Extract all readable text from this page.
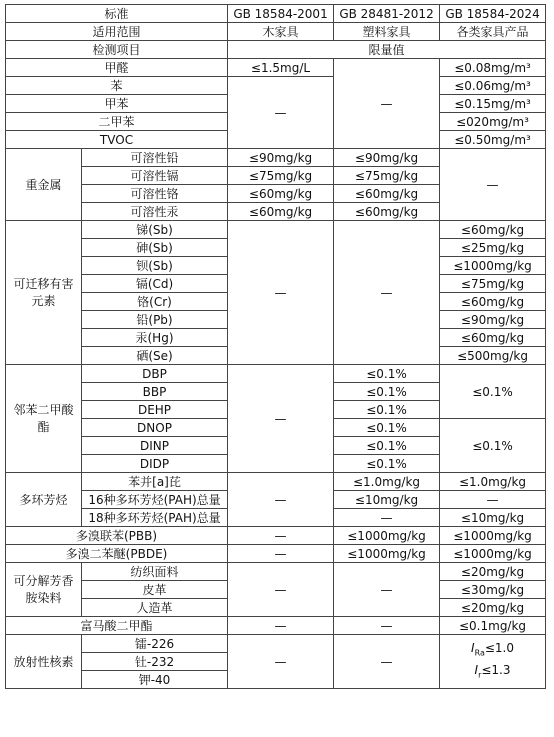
标准		GB 18584-2001	GB 28481-2012	GB 18584-2024
适用范围		木家具	塑料家具	各类家具产品
检测项目		限量值		
甲醛		≤1.5mg/L	—	≤0.08mg/m³
苯		—		≤0.06mg/m³
甲苯				≤0.15mg/m³
二甲苯				≤020mg/m³
TVOC				≤0.50mg/m³
重金属	可溶性铅	≤90mg/kg	≤90mg/kg	—
	可溶性镉	≤75mg/kg	≤75mg/kg	
	可溶性铬	≤60mg/kg	≤60mg/kg	
	可溶性汞	≤60mg/kg	≤60mg/kg	
可迁移有害元素	锑(Sb)	—	—	≤60mg/kg
	砷(Sb)			≤25mg/kg
	钡(Sb)			≤1000mg/kg
	镉(Cd)			≤75mg/kg
	铬(Cr)			≤60mg/kg
	铅(Pb)			≤90mg/kg
	汞(Hg)			≤60mg/kg
	硒(Se)			≤500mg/kg
邻苯二甲酸酯	DBP	—	≤0.1%	≤0.1%
	BBP		≤0.1%	
	DEHP		≤0.1%	
	DNOP		≤0.1%	≤0.1%
	DINP		≤0.1%	
	DIDP		≤0.1%	
多环芳烃	苯并[a]芘	—	≤1.0mg/kg	≤1.0mg/kg
	16种多环芳烃(PAH)总量		≤10mg/kg	—
	18种多环芳烃(PAH)总量		—	≤10mg/kg
多溴联苯(PBB)		—	≤1000mg/kg	≤1000mg/kg
多溴二苯醚(PBDE)		—	≤1000mg/kg	≤1000mg/kg
可分解芳香胺染料	纺织面料	—	—	≤20mg/kg
	皮革			≤30mg/kg
	人造革			≤20mg/kg
富马酸二甲酯		—	—	≤0.1mg/kg
放射性核素	镭-226	—	—	$I_{Ra}\le 1.0$
$I_r\le 1.3$

	钍-232			
	钾-40			
